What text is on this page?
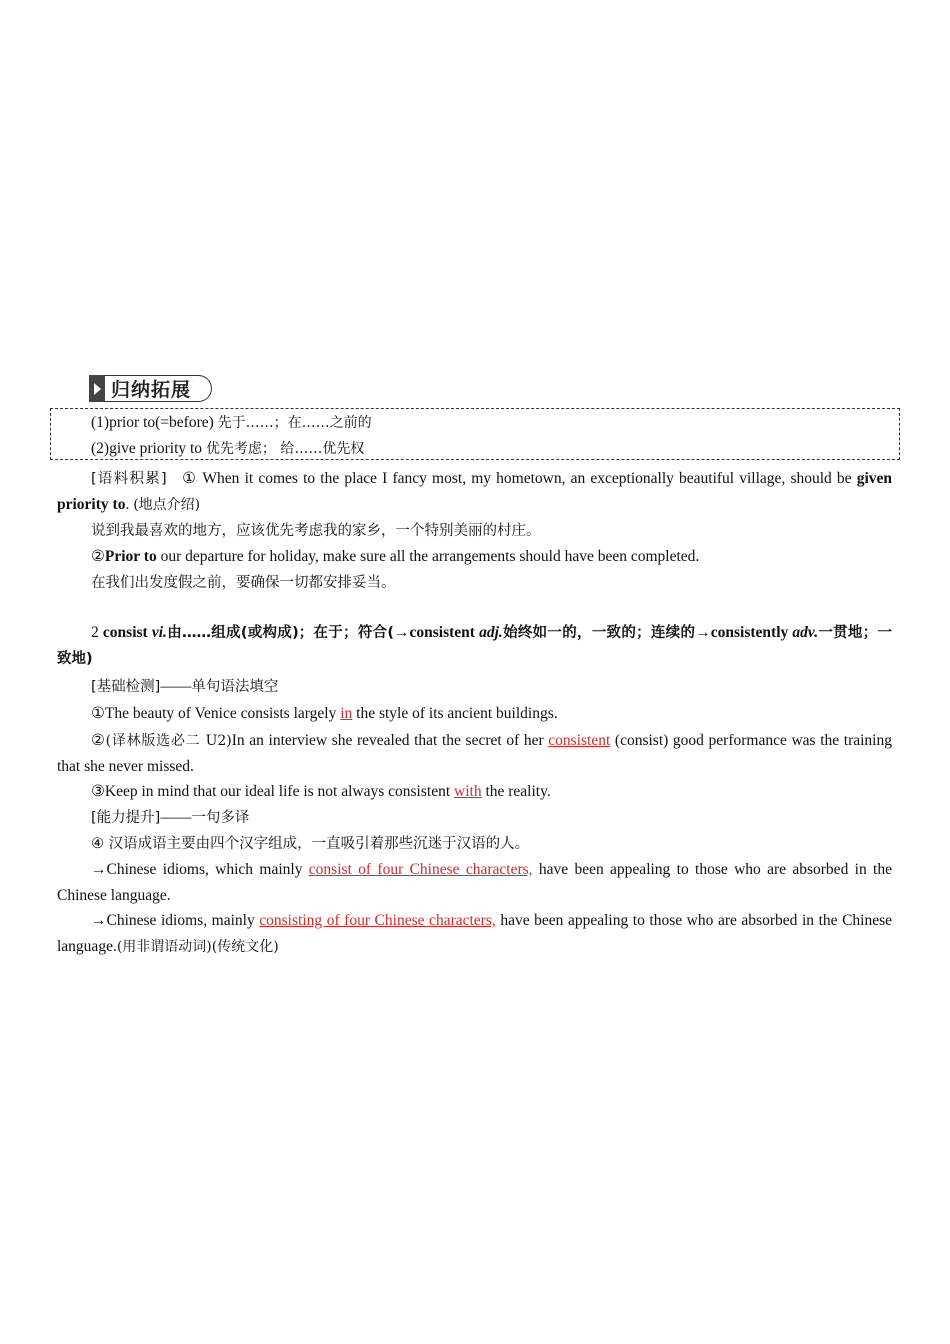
归纳拓展
(1)prior to(=before) 先于……；在……之前的
(2)give priority to 优先考虑； 给……优先权
[语料积累] ① When it comes to the place I fancy most, my hometown, an exceptionally beautiful village, should be given priority to. (地点介绍)
说到我最喜欢的地方，应该优先考虑我的家乡，一个特别美丽的村庄。
②Prior to our departure for holiday, make sure all the arrangements should have been completed.
在我们出发度假之前，要确保一切都安排妥当。
2 consist vi.由……组成(或构成)；在于；符合(→consistent adj.始终如一的，一致的；连续的→consistently adv.一贯地；一致地)
[基础检测]——单句语法填空
①The beauty of Venice consists largely in the style of its ancient buildings.
②(译林版选必二 U2)In an interview she revealed that the secret of her consistent (consist) good performance was the training that she never missed.
③Keep in mind that our ideal life is not always consistent with the reality.
[能力提升]——一句多译
④ 汉语成语主要由四个汉字组成，一直吸引着那些沉迷于汉语的人。
→Chinese idioms, which mainly consist of four Chinese characters, have been appealing to those who are absorbed in the Chinese language.
→Chinese idioms, mainly consisting of four Chinese characters, have been appealing to those who are absorbed in the Chinese language.(用非谓语动词)(传统文化)
